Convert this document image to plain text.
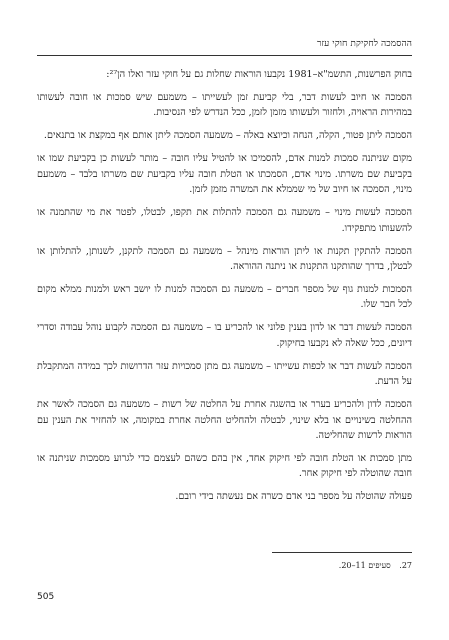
ההסמכה לחקיקת חוקי עזר

בחוק הפרשנות, התשמ"א–1981 נקבעו הוראות שחלות גם על חוקי עזר ואלו הן²⁷:

הסמכה או חיוב לעשות דבר, בלי קביעת זמן לעשייתו – משמעם שיש סמכות או חובה לעשותו במהירות הראויה, ולחזור ולעשותו מזמן לזמן, ככל הנדרש לפי הנסיבות.

הסמכה ליתן פטור, הקלה, הנחה וכיוצא באלה – משמעה הסמכה ליתן אותם אף במקצת או בתנאים.

מקום שניתנה סמכות למנות אדם, להסמיכו או להטיל עליו חובה – מותר לעשות כן בקביעת שמו או בקביעת שם משרתו. מינוי אדם, הסמכתו או הטלת חובה עליו בקביעת שם משרתו בלבד – משמעם מינוי, הסמכה או חיוב של מי שממלא את המשרה מזמן לזמן.

הסמכה לעשות מינוי – משמעה גם הסמכה להתלות את תקפו, לבטלו, לפטר את מי שהתמנה או להשעותו מתפקידו.

הסמכה להתקין תקנות או ליתן הוראות מינהל – משמעה גם הסמכה לתקנן, לשנותן, להתלותן או לבטלן, בדרך שהותקנו התקנות או ניתנה ההוראה.

הסמכות למנות גוף של מספר חברים – משמעה גם הסמכה למנות לו יושב ראש ולמנות ממלא מקום לכל חבר שלו.

הסמכה לעשות דבר או לדון בענין פלוני או להכריע בו – משמעה גם הסמכה לקבוע נוהל עבודה וסדרי דיונים, ככל שאלה לא נקבעו בחיקוק.

הסמכה לעשות דבר או לכפות עשייתו – משמעה גם מתן סמכויות עזר הדרושות לכך במידה המתקבלת על הדעת.

הסמכה לדון ולהכריע בערר או בהשגה אחרת על החלטה של רשות – משמעה גם הסמכה לאשר את ההחלטה בשינויים או בלא שינוי, לבטלה ולהחליט החלטה אחרת במקומה, או להחזיר את הענין עם הוראות לרשות שהחליטה.

מתן סמכות או הטלת חובה לפי חיקוק אחד, אין בהם כשהם לעצמם כדי לגרוע מסמכות שניתנה או חובה שהוטלה לפי חיקוק אחר.

פעולה שהוטלה על מספר בני אדם כשרה אם נעשתה בידי רובם.

27. סעיפים 11–20.
505
